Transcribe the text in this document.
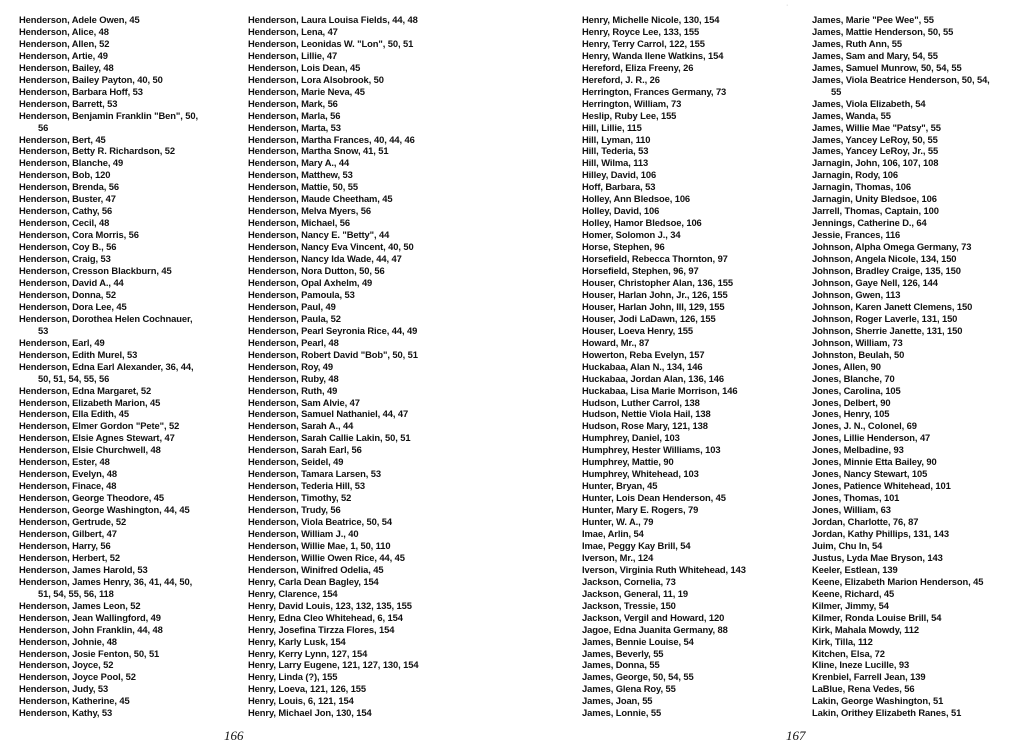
·
Henderson, Adele Owen, 45
Henderson, Alice, 48
Henderson, Allen, 52
Henderson, Artie, 49
Henderson, Bailey, 48
Henderson, Bailey Payton, 40, 50
Henderson, Barbara Hoff, 53
Henderson, Barrett, 53
Henderson, Benjamin Franklin "Ben", 50,
56
Henderson, Bert, 45
Henderson, Betty R. Richardson, 52
Henderson, Blanche, 49
Henderson, Bob, 120
Henderson, Brenda, 56
Henderson, Buster, 47
Henderson, Cathy, 56
Henderson, Cecil, 48
Henderson, Cora Morris, 56
Henderson, Coy B., 56
Henderson, Craig, 53
Henderson, Cresson Blackburn, 45
Henderson, David A., 44
Henderson, Donna, 52
Henderson, Dora Lee, 45
Henderson, Dorothea Helen Cochnauer,
53
Henderson, Earl, 49
Henderson, Edith Murel, 53
Henderson, Edna Earl Alexander, 36, 44,
50, 51, 54, 55, 56
Henderson, Edna Margaret, 52
Henderson, Elizabeth Marion, 45
Henderson, Ella Edith, 45
Henderson, Elmer Gordon "Pete", 52
Henderson, Elsie Agnes Stewart, 47
Henderson, Elsie Churchwell, 48
Henderson, Ester, 48
Henderson, Evelyn, 48
Henderson, Finace, 48
Henderson, George Theodore, 45
Henderson, George Washington, 44, 45
Henderson, Gertrude, 52
Henderson, Gilbert, 47
Henderson, Harry, 56
Henderson, Herbert, 52
Henderson, James Harold, 53
Henderson, James Henry, 36, 41, 44, 50,
51, 54, 55, 56, 118
Henderson, James Leon, 52
Henderson, Jean Wallingford, 49
Henderson, John Franklin, 44, 48
Henderson, Johnie, 48
Henderson, Josie Fenton, 50, 51
Henderson, Joyce, 52
Henderson, Joyce Pool, 52
Henderson, Judy, 53
Henderson, Katherine, 45
Henderson, Kathy, 53
Henderson, Laura Louisa Fields, 44, 48
Henderson, Lena, 47
Henderson, Leonidas W. "Lon", 50, 51
Henderson, Lillie, 47
Henderson, Lois Dean, 45
Henderson, Lora Alsobrook, 50
Henderson, Marie Neva, 45
Henderson, Mark, 56
Henderson, Marla, 56
Henderson, Marta, 53
Henderson, Martha Frances, 40, 44, 46
Henderson, Martha Snow, 41, 51
Henderson, Mary A., 44
Henderson, Matthew, 53
Henderson, Mattie, 50, 55
Henderson, Maude Cheetham, 45
Henderson, Melva Myers, 56
Henderson, Michael, 56
Henderson, Nancy E. "Betty", 44
Henderson, Nancy Eva Vincent, 40, 50
Henderson, Nancy Ida Wade, 44, 47
Henderson, Nora Dutton, 50, 56
Henderson, Opal Axhelm, 49
Henderson, Pamoula, 53
Henderson, Paul, 49
Henderson, Paula, 52
Henderson, Pearl Seyronia Rice, 44, 49
Henderson, Pearl, 48
Henderson, Robert David "Bob", 50, 51
Henderson, Roy, 49
Henderson, Ruby, 48
Henderson, Ruth, 49
Henderson, Sam Alvie, 47
Henderson, Samuel Nathaniel, 44, 47
Henderson, Sarah A., 44
Henderson, Sarah Callie Lakin, 50, 51
Henderson, Sarah Earl, 56
Henderson, Seidel, 49
Henderson, Tamara Larsen, 53
Henderson, Tederia Hill, 53
Henderson, Timothy, 52
Henderson, Trudy, 56
Henderson, Viola Beatrice, 50, 54
Henderson, William J., 40
Henderson, Willie Mae, 1, 50, 110
Henderson, Willie Owen Rice, 44, 45
Henderson, Winifred Odelia, 45
Henry, Carla Dean Bagley, 154
Henry, Clarence, 154
Henry, David Louis, 123, 132, 135, 155
Henry, Edna Cleo Whitehead, 6, 154
Henry, Josefina Tirzza Flores, 154
Henry, Karly Lusk, 154
Henry, Kerry Lynn, 127, 154
Henry, Larry Eugene, 121, 127, 130, 154
Henry, Linda (?), 155
Henry, Loeva, 121, 126, 155
Henry, Louis, 6, 121, 154
Henry, Michael Jon, 130, 154
Henry, Michelle Nicole, 130, 154
Henry, Royce Lee, 133, 155
Henry, Terry Carrol, 122, 155
Henry, Wanda Ilene Watkins, 154
Hereford, Eliza Freeny, 26
Hereford, J. R., 26
Herrington, Frances Germany, 73
Herrington, William, 73
Heslip, Ruby Lee, 155
Hill, Lillie, 115
Hill, Lyman, 110
Hill, Tederia, 53
Hill, Wilma, 113
Hilley, David, 106
Hoff, Barbara, 53
Holley, Ann Bledsoe, 106
Holley, David, 106
Holley, Hamor Bledsoe, 106
Homer, Solomon J., 34
Horse, Stephen, 96
Horsefield, Rebecca Thornton, 97
Horsefield, Stephen, 96, 97
Houser, Christopher Alan, 136, 155
Houser, Harlan John, Jr., 126, 155
Houser, Harlan John, III, 129, 155
Houser, Jodi LaDawn, 126, 155
Houser, Loeva Henry, 155
Howard, Mr., 87
Howerton, Reba Evelyn, 157
Huckabaa, Alan N., 134, 146
Huckabaa, Jordan Alan, 136, 146
Huckabaa, Lisa Marie Morrison, 146
Hudson, Luther Carrol, 138
Hudson, Nettie Viola Hail, 138
Hudson, Rose Mary, 121, 138
Humphrey, Daniel, 103
Humphrey, Hester Williams, 103
Humphrey, Mattie, 90
Humphrey, Whitehead, 103
Hunter, Bryan, 45
Hunter, Lois Dean Henderson, 45
Hunter, Mary E. Rogers, 79
Hunter, W. A., 79
Imae, Arlin, 54
Imae, Peggy Kay Brill, 54
Iverson, Mr., 124
Iverson, Virginia Ruth Whitehead, 143
Jackson, Cornelia, 73
Jackson, General, 11, 19
Jackson, Tressie, 150
Jackson, Vergil and Howard, 120
Jagoe, Edna Juanita Germany, 88
James, Bennie Louise, 54
James, Beverly, 55
James, Donna, 55
James, George, 50, 54, 55
James, Glena Roy, 55
James, Joan, 55
James, Lonnie, 55
James, Marie "Pee Wee", 55
James, Mattie Henderson, 50, 55
James, Ruth Ann, 55
James, Sam and Mary, 54, 55
James, Samuel Munrow, 50, 54, 55
James, Viola Beatrice Henderson, 50, 54,
55
James, Viola Elizabeth, 54
James, Wanda, 55
James, Willie Mae "Patsy", 55
James, Yancey LeRoy, 50, 55
James, Yancey LeRoy, Jr., 55
Jarnagin, John, 106, 107, 108
Jarnagin, Rody, 106
Jarnagin, Thomas, 106
Jarnagin, Unity Bledsoe, 106
Jarrell, Thomas, Captain, 100
Jennings, Catherine D., 64
Jessie, Frances, 116
Johnson, Alpha Omega Germany, 73
Johnson, Angela Nicole, 134, 150
Johnson, Bradley Craige, 135, 150
Johnson, Gaye Nell, 126, 144
Johnson, Gwen, 113
Johnson, Karen Janett Clemens, 150
Johnson, Roger Laverle, 131, 150
Johnson, Sherrie Janette, 131, 150
Johnson, William, 73
Johnston, Beulah, 50
Jones, Allen, 90
Jones, Blanche, 70
Jones, Carolina, 105
Jones, Delbert, 90
Jones, Henry, 105
Jones, J. N., Colonel, 69
Jones, Lillie Henderson, 47
Jones, Melbadine, 93
Jones, Minnie Etta Bailey, 90
Jones, Nancy Stewart, 105
Jones, Patience Whitehead, 101
Jones, Thomas, 101
Jones, William, 63
Jordan, Charlotte, 76, 87
Jordan, Kathy Phillips, 131, 143
Juim, Chu In, 54
Justus, Lyda Mae Bryson, 143
Keeler, Estlean, 139
Keene, Elizabeth Marion Henderson, 45
Keene, Richard, 45
Kilmer, Jimmy, 54
Kilmer, Ronda Louise Brill, 54
Kirk, Mahala Mowdy, 112
Kirk, Tilla, 112
Kitchen, Elsa, 72
Kline, Ineze Lucille, 93
Krenbiel, Farrell Jean, 139
LaBlue, Rena Vedes, 56
Lakin, George Washington, 51
Lakin, Orithey Elizabeth Ranes, 51
166	167
